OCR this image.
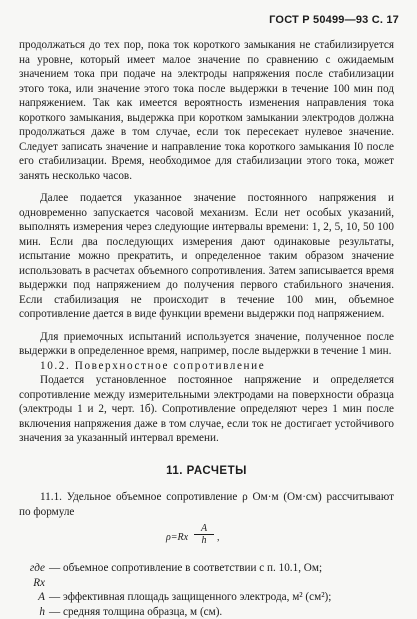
ГОСТ Р 50499—93 С. 17

продолжаться до тех пор, пока ток короткого замыкания не стабилизируется на уровне, который имеет малое значение по сравнению с ожидаемым значением тока при подаче на электроды напряжения после стабилизации этого тока, или значение этого тока после выдержки в течение 100 мин под напряжением. Так как имеется вероятность изменения направления тока короткого замыкания, выдержка при коротком замыкании электродов должна продолжаться даже в том случае, если ток пересекает нулевое значение. Следует записать значение и направление тока короткого замыкания I0 после его стабилизации. Время, необходимое для стабилизации этого тока, может занять несколько часов.

Далее подается указанное значение постоянного напряжения и одновременно запускается часовой механизм. Если нет особых указаний, выполнять измерения через следующие интервалы времени: 1, 2, 5, 10, 50 100 мин. Если два последующих измерения дают одинаковые результаты, испытание можно прекратить, и определенное таким образом значение использовать в расчетах объемного сопротивления. Затем записывается время выдержки под напряжением до получения первого стабильного значения. Если стабилизация не происходит в течение 100 мин, объемное сопротивление дается в виде функции времени выдержки под напряжением.

Для приемочных испытаний используется значение, полученное после выдержки в определенное время, например, после выдержки в течение 1 мин.

10.2. Поверхностное сопротивление

Подается установленное постоянное напряжение и определяется сопротивление между измерительными электродами на поверхности образца (электроды 1 и 2, черт. 1б). Сопротивление определяют через 1 мин после включения напряжения даже в том случае, если ток не достигает устойчивого значения за указанный интервал времени.

11. РАСЧЕТЫ

11.1. Удельное объемное сопротивление ρ Ом·м (Ом·см) рассчитывают по формуле

$\rho=Rx \frac{A}{h}$ ,
где Rx
— объемное сопротивление в соответствии с п. 10.1, Ом;
A — эффективная площадь защищенного электрода, м² (см²);
h — средняя толщина образца, м (см).
